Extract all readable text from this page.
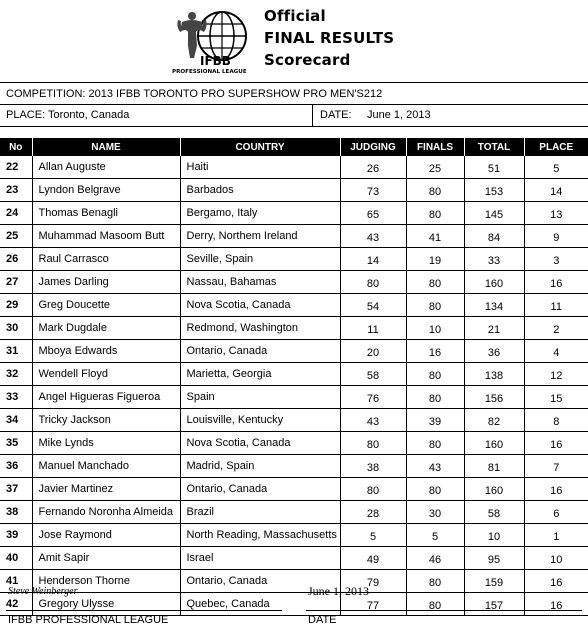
IFBB
PROFESSIONAL LEAGUE
Official
FINAL RESULTS
Scorecard
COMPETITION: 2013 IFBB TORONTO PRO SUPERSHOW PRO MEN'S212
PLACE: Toronto, Canada	DATE: June 1, 2013
No	NAME	COUNTRY	JUDGING	FINALS	TOTAL	PLACE
22	Allan Auguste	Haiti	26	25	51	5
23	Lyndon Belgrave	Barbados	73	80	153	14
24	Thomas Benagli	Bergamo, Italy	65	80	145	13
25	Muhammad Masoom Butt	Derry, Northem Ireland	43	41	84	9
26	Raul Carrasco	Seville, Spain	14	19	33	3
27	James Darling	Nassau, Bahamas	80	80	160	16
29	Greg Doucette	Nova Scotia, Canada	54	80	134	11
30	Mark Dugdale	Redmond, Washington	11	10	21	2
31	Mboya Edwards	Ontario, Canada	20	16	36	4
32	Wendell Floyd	Marietta, Georgia	58	80	138	12
33	Angel Higueras Figueroa	Spain	76	80	156	15
34	Tricky Jackson	Louisville, Kentucky	43	39	82	8
35	Mike Lynds	Nova Scotia, Canada	80	80	160	16
36	Manuel Manchado	Madrid, Spain	38	43	81	7
37	Javier Martinez	Ontario, Canada	80	80	160	16
38	Fernando Noronha Almeida	Brazil	28	30	58	6
39	Jose Raymond	North Reading, Massachusetts	5	5	10	1
40	Amit Sapir	Israel	49	46	95	10
41	Henderson Thorne	Ontario, Canada	79	80	159	16
42	Gregory Ulysse	Quebec, Canada	77	80	157	16
Steve Weinberger
IFBB PROFESSIONAL LEAGUE
June 1, 2013
DATE
